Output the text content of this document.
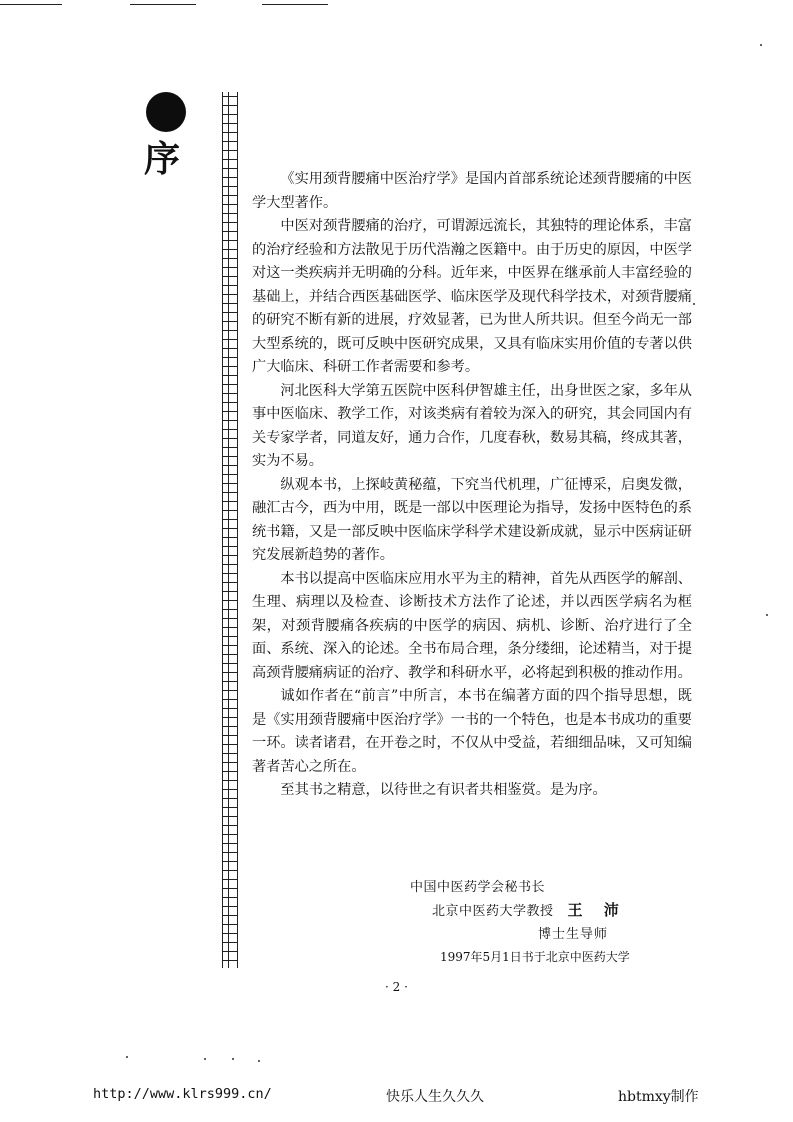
序	《实用颈背腰痛中医治疗学》是国内首部系统论述颈背腰痛的中医学大型著作。

中医对颈背腰痛的治疗，可谓源远流长，其独特的理论体系，丰富的治疗经验和方法散见于历代浩瀚之医籍中。由于历史的原因，中医学对这一类疾病并无明确的分科。近年来，中医界在继承前人丰富经验的基础上，并结合西医基础医学、临床医学及现代科学技术，对颈背腰痛的研究不断有新的进展，疗效显著，已为世人所共识。但至今尚无一部大型系统的，既可反映中医研究成果，又具有临床实用价值的专著以供广大临床、科研工作者需要和参考。

河北医科大学第五医院中医科伊智雄主任，出身世医之家，多年从事中医临床、教学工作，对该类病有着较为深入的研究，其会同国内有关专家学者，同道友好，通力合作，几度春秋，数易其稿，终成其著，实为不易。

纵观本书，上探岐黄秘蕴，下究当代机理，广征博采，启奥发微，融汇古今，西为中用，既是一部以中医理论为指导，发扬中医特色的系统书籍，又是一部反映中医临床学科学术建设新成就，显示中医病证研究发展新趋势的著作。

本书以提高中医临床应用水平为主的精神，首先从西医学的解剖、生理、病理以及检查、诊断技术方法作了论述，并以西医学病名为框架，对颈背腰痛各疾病的中医学的病因、病机、诊断、治疗进行了全面、系统、深入的论述。全书布局合理，条分缕细，论述精当，对于提高颈背腰痛病证的治疗、教学和科研水平，必将起到积极的推动作用。

诚如作者在“前言”中所言，本书在编著方面的四个指导思想，既是《实用颈背腰痛中医治疗学》一书的一个特色，也是本书成功的重要一环。读者诸君，在开卷之时，不仅从中受益，若细细品味，又可知编著者苦心之所在。

至其书之精意，以待世之有识者共相鉴赏。是为序。

中国中医药学会秘书长
北京中医药大学教授 王 沛
博士生导师
1997年5月1日书于北京中医药大学
· 2 ·
http://www.klrs999.cn/	快乐人生久久久	hbtmxy制作
